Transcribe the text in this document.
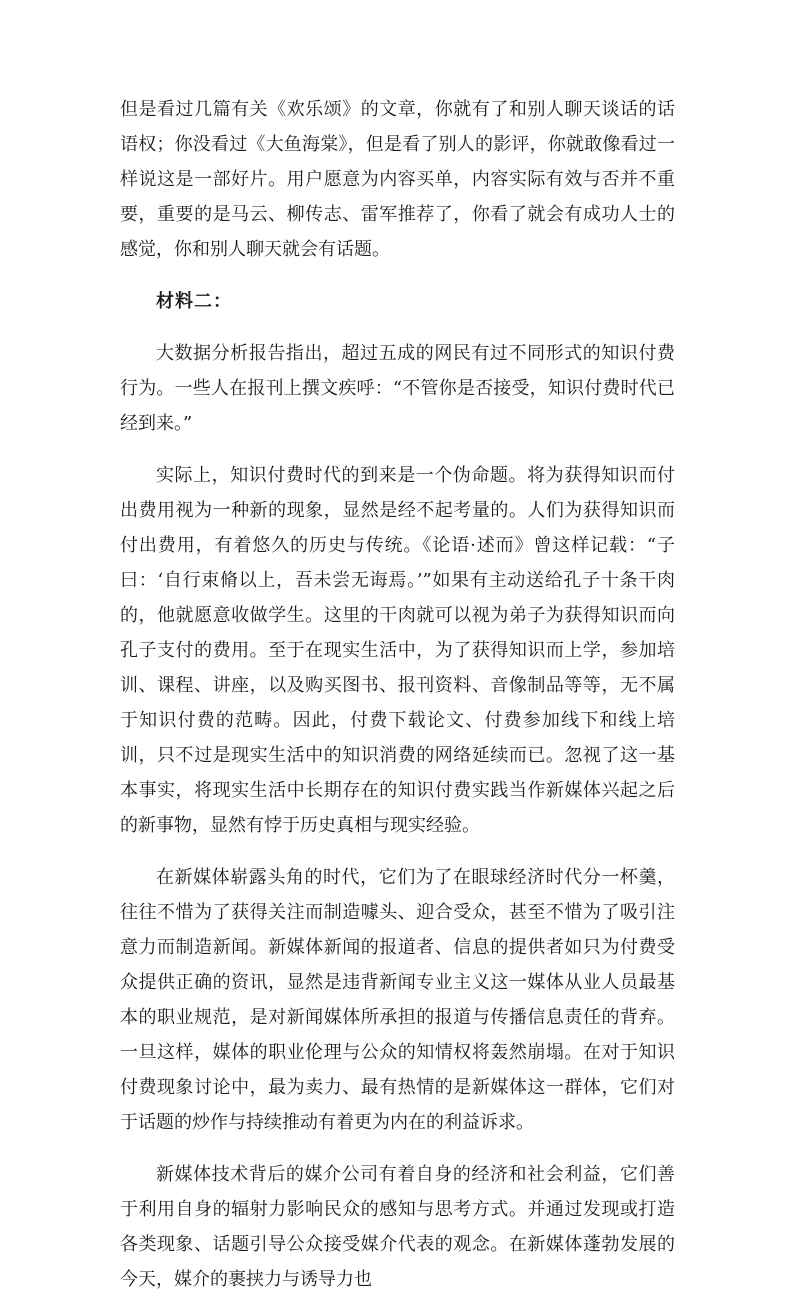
但是看过几篇有关《欢乐颂》的文章，你就有了和别人聊天谈话的话语权；你没看过《大鱼海棠》，但是看了别人的影评，你就敢像看过一样说这是一部好片。用户愿意为内容买单，内容实际有效与否并不重要，重要的是马云、柳传志、雷军推荐了，你看了就会有成功人士的感觉，你和别人聊天就会有话题。

材料二：

大数据分析报告指出，超过五成的网民有过不同形式的知识付费行为。一些人在报刊上撰文疾呼：“不管你是否接受，知识付费时代已经到来。”

实际上，知识付费时代的到来是一个伪命题。将为获得知识而付出费用视为一种新的现象，显然是经不起考量的。人们为获得知识而付出费用，有着悠久的历史与传统。《论语·述而》曾这样记载：“子曰：‘自行束脩以上，吾未尝无诲焉。’”如果有主动送给孔子十条干肉的，他就愿意收做学生。这里的干肉就可以视为弟子为获得知识而向孔子支付的费用。至于在现实生活中，为了获得知识而上学，参加培训、课程、讲座，以及购买图书、报刊资料、音像制品等等，无不属于知识付费的范畴。因此，付费下载论文、付费参加线下和线上培训，只不过是现实生活中的知识消费的网络延续而已。忽视了这一基本事实，将现实生活中长期存在的知识付费实践当作新媒体兴起之后的新事物，显然有悖于历史真相与现实经验。

在新媒体崭露头角的时代，它们为了在眼球经济时代分一杯羹，往往不惜为了获得关注而制造噱头、迎合受众，甚至不惜为了吸引注意力而制造新闻。新媒体新闻的报道者、信息的提供者如只为付费受众提供正确的资讯，显然是违背新闻专业主义这一媒体从业人员最基本的职业规范，是对新闻媒体所承担的报道与传播信息责任的背弃。一旦这样，媒体的职业伦理与公众的知情权将轰然崩塌。在对于知识付费现象讨论中，最为卖力、最有热情的是新媒体这一群体，它们对于话题的炒作与持续推动有着更为内在的利益诉求。

新媒体技术背后的媒介公司有着自身的经济和社会利益，它们善于利用自身的辐射力影响民众的感知与思考方式。并通过发现或打造各类现象、话题引导公众接受媒介代表的观念。在新媒体蓬勃发展的今天，媒介的裹挟力与诱导力也
